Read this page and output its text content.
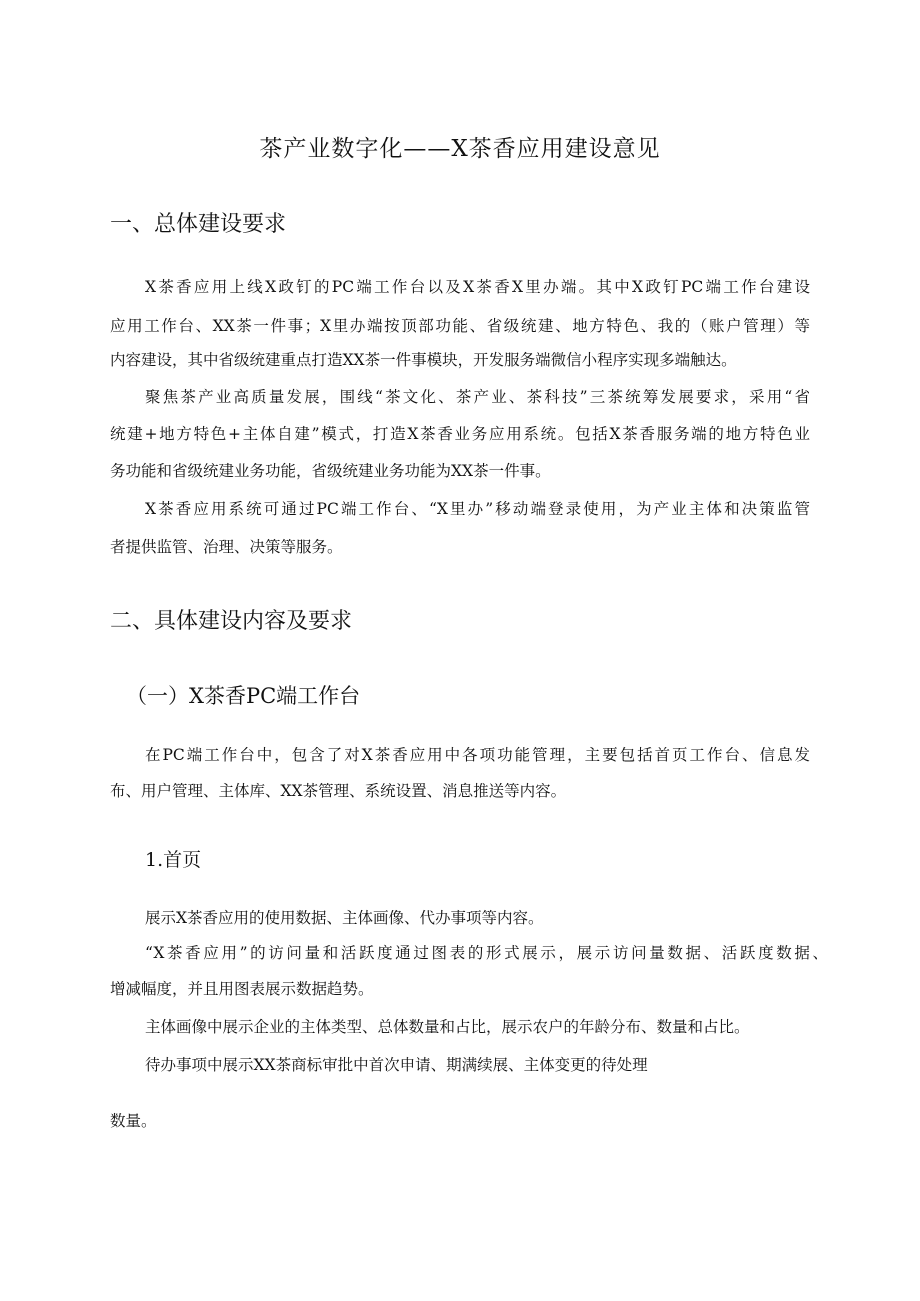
茶产业数字化——X茶香应用建设意见
一、总体建设要求
X茶香应用上线X政钉的PC端工作台以及X茶香X里办端。其中X政钉PC端工作台建设
应用工作台、XX茶一件事；X里办端按顶部功能、省级统建、地方特色、我的（账户管理）等
内容建设，其中省级统建重点打造XX茶一件事模块，开发服务端微信小程序实现多端触达。
聚焦茶产业高质量发展，围线“茶文化、茶产业、茶科技”三茶统筹发展要求，采用“省
统建+地方特色+主体自建”模式，打造X茶香业务应用系统。包括X茶香服务端的地方特色业
务功能和省级统建业务功能，省级统建业务功能为XX茶一件事。
X茶香应用系统可通过PC端工作台、“X里办”移动端登录使用，为产业主体和决策监管
者提供监管、治理、决策等服务。
二、具体建设内容及要求
（一）X茶香PC端工作台
在PC端工作台中，包含了对X茶香应用中各项功能管理，主要包括首页工作台、信息发
布、用户管理、主体库、XX茶管理、系统设置、消息推送等内容。
1.首页
展示X茶香应用的使用数据、主体画像、代办事项等内容。
“X茶香应用”的访问量和活跃度通过图表的形式展示，展示访问量数据、活跃度数据、
增减幅度，并且用图表展示数据趋势。
主体画像中展示企业的主体类型、总体数量和占比，展示农户的年龄分布、数量和占比。
待办事项中展示XX茶商标审批中首次申请、期满续展、主体变更的待处理
数量。
